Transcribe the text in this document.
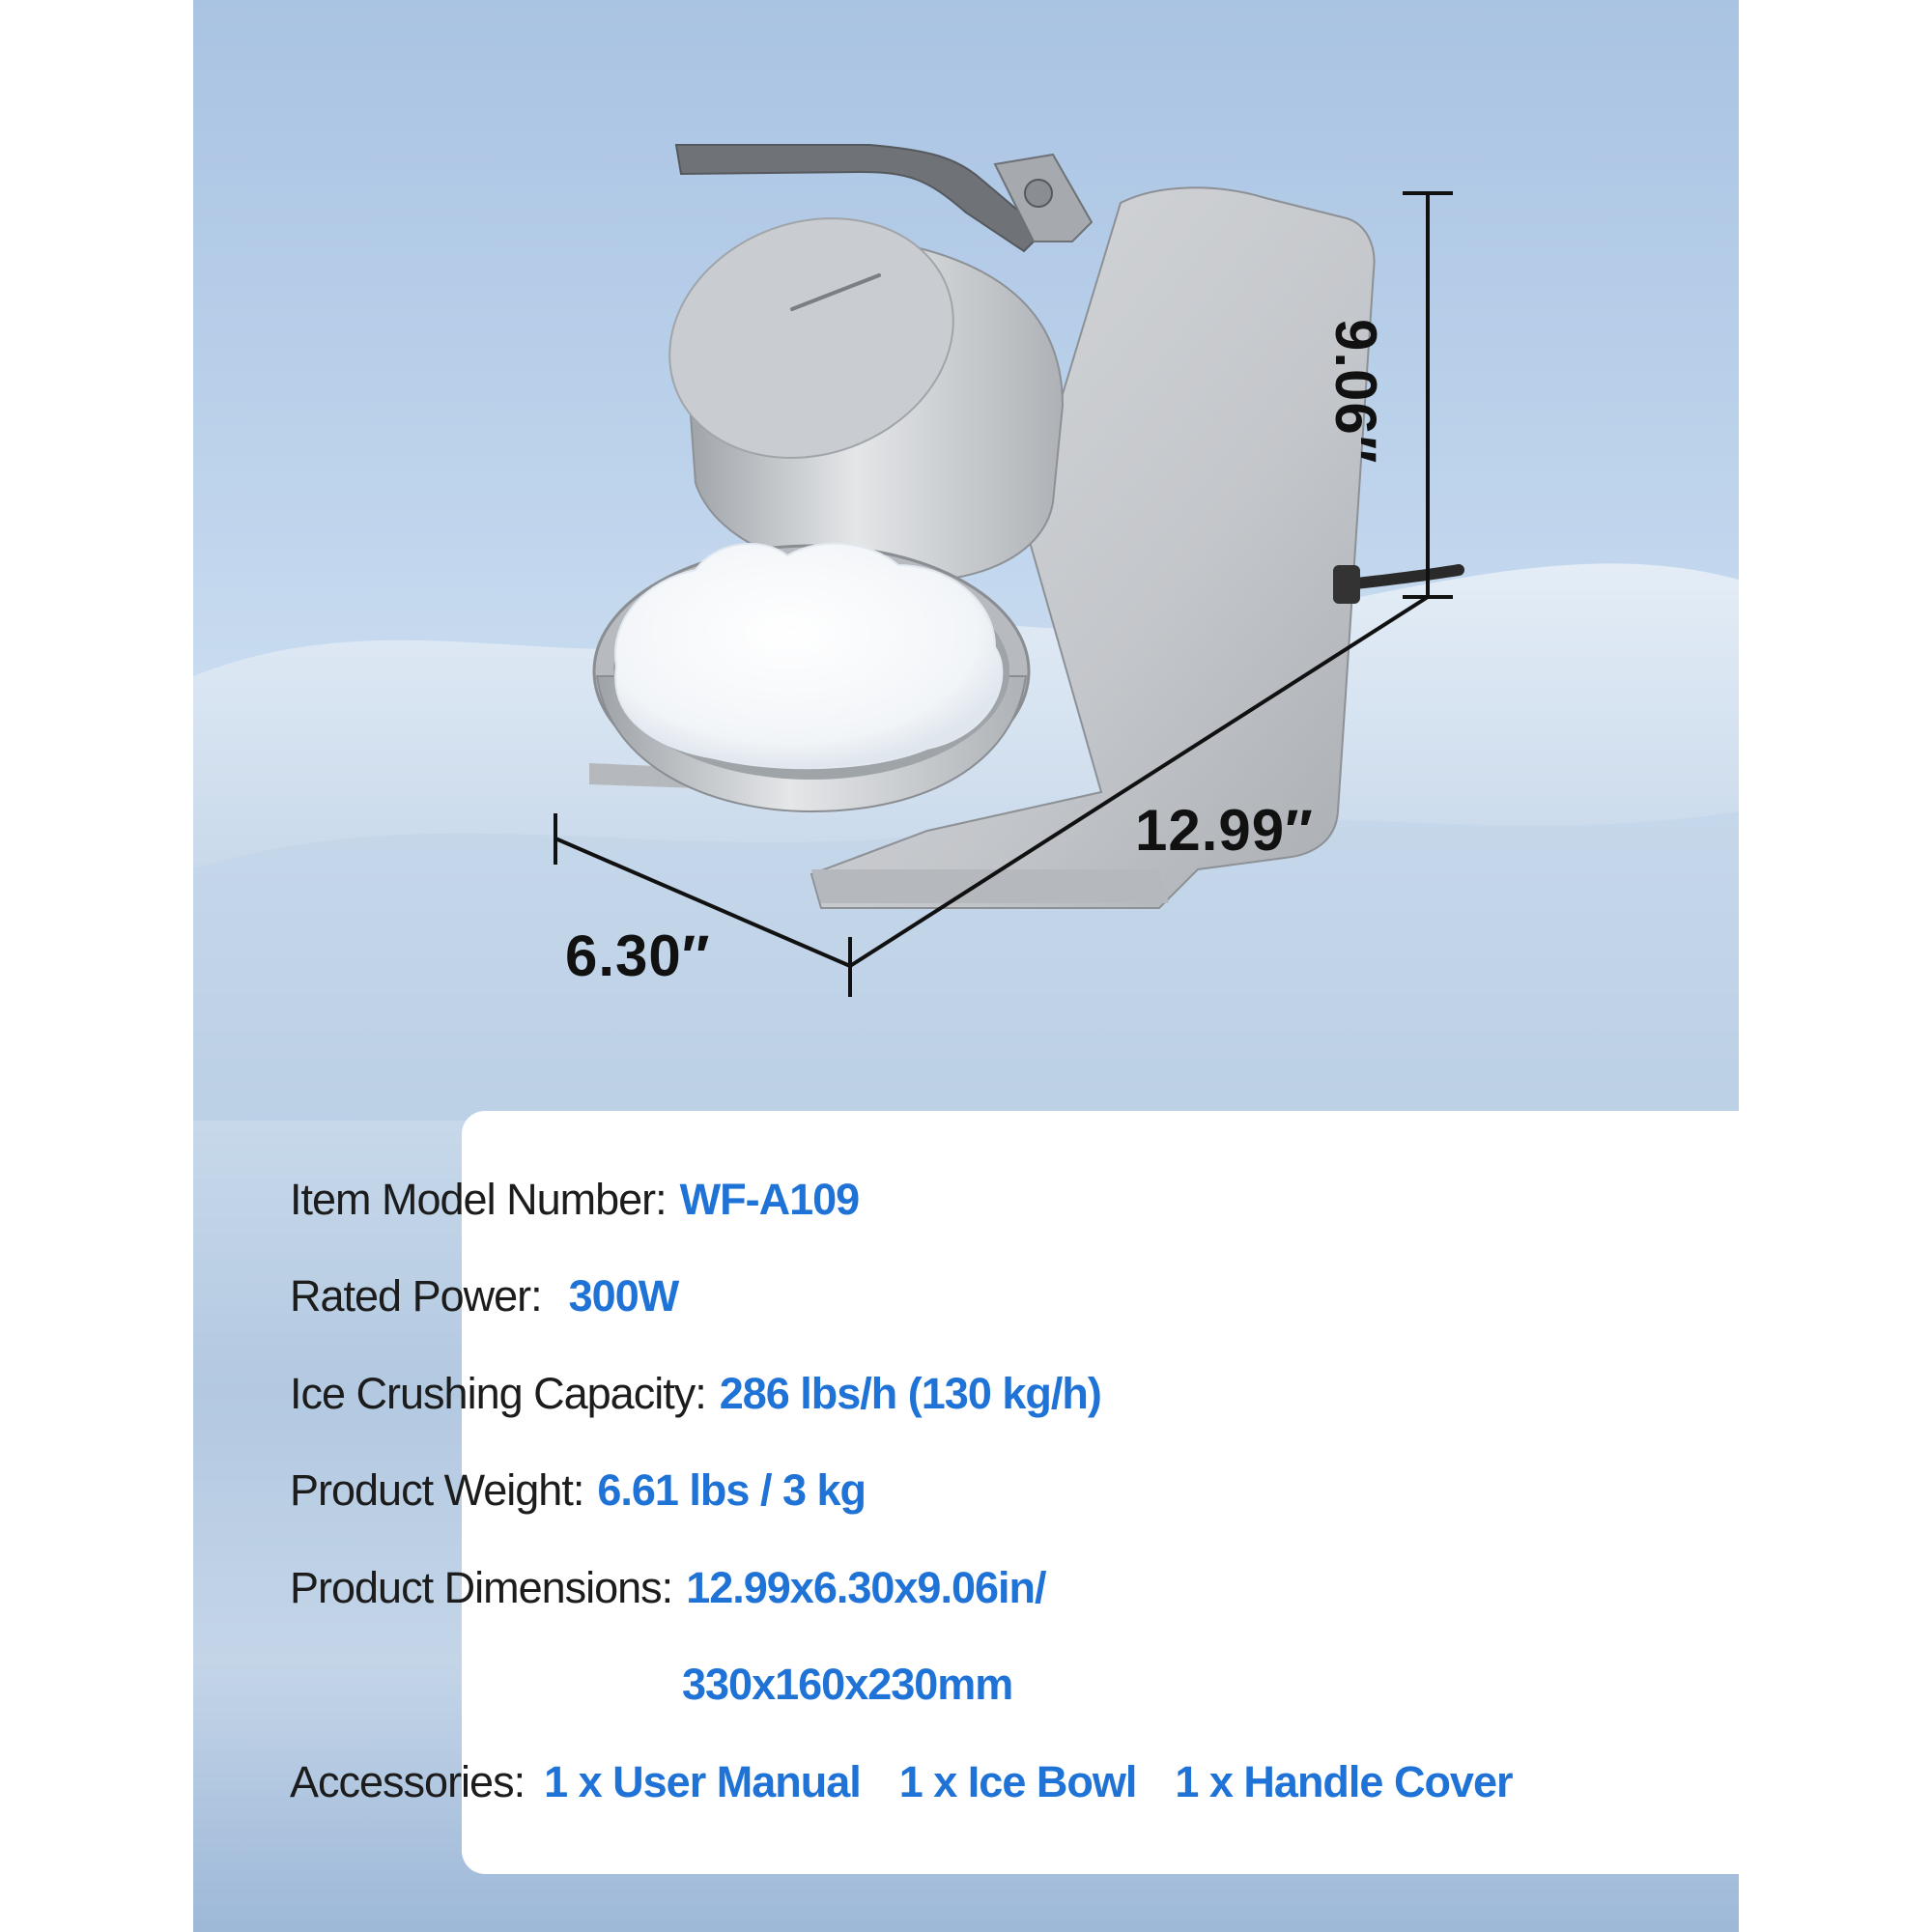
6.30″
12.99″
9.06″
Item Model Number: WF-A109
Rated Power: 300W
Ice Crushing Capacity: 286 lbs/h (130 kg/h)
Product Weight: 6.61 lbs / 3 kg
Product Dimensions: 12.99x6.30x9.06in/
330x160x230mm
Accessories: 1 x User Manual 1 x Ice Bowl 1 x Handle Cover
